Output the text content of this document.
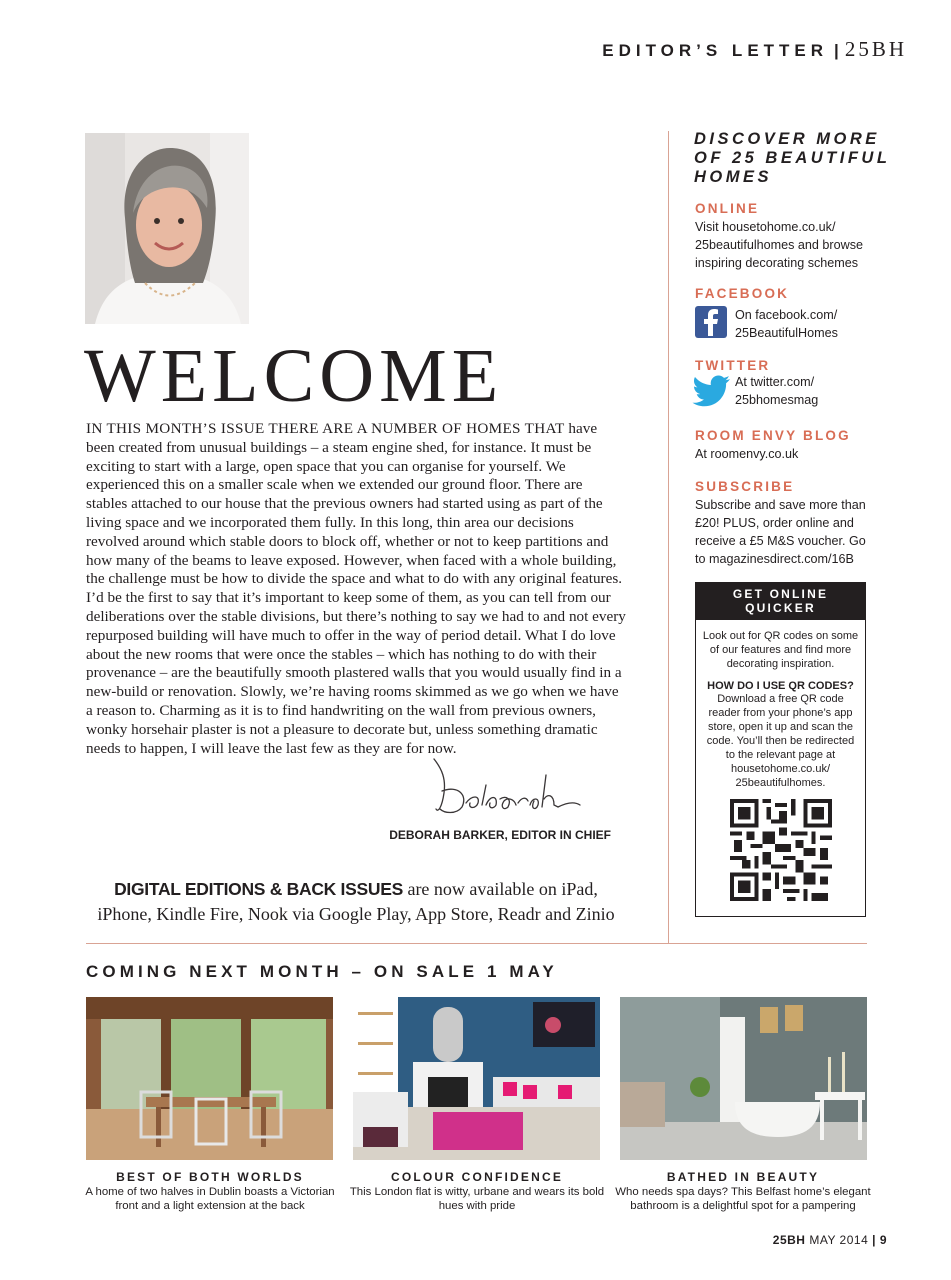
EDITOR’S LETTER | 25BH
WELCOME
IN THIS MONTH’S ISSUE THERE ARE A NUMBER OF HOMES THAT have been created from unusual buildings – a steam engine shed, for instance. It must be exciting to start with a large, open space that you can organise for yourself. We experienced this on a smaller scale when we extended our ground floor. There are stables attached to our house that the previous owners had started using as part of the living space and we incorporated them fully. In this long, thin area our decisions revolved around which stable doors to block off, whether or not to keep partitions and how many of the beams to leave exposed. However, when faced with a whole building, the challenge must be how to divide the space and what to do with any original features. I’d be the first to say that it’s important to keep some of them, as you can tell from our deliberations over the stable divisions, but there’s nothing to say we had to and not every repurposed building will have much to offer in the way of period detail. What I do love about the new rooms that were once the stables – which has nothing to do with their provenance – are the beautifully smooth plastered walls that you would usually find in a new-build or renovation. Slowly, we’re having rooms skimmed as we go when we have a reason to. Charming as it is to find handwriting on the wall from previous owners, wonky horsehair plaster is not a pleasure to decorate but, unless something dramatic needs to happen, I will leave the last few as they are for now.
DEBORAH BARKER, EDITOR IN CHIEF
DIGITAL EDITIONS & BACK ISSUES are now available on iPad, iPhone, Kindle Fire, Nook via Google Play, App Store, Readr and Zinio
DISCOVER MORE OF 25 BEAUTIFUL HOMES
ONLINE
Visit housetohome.co.uk/ 25beautifulhomes and browse inspiring decorating schemes
FACEBOOK
On facebook.com/ 25BeautifulHomes
TWITTER
At twitter.com/ 25bhomesmag
ROOM ENVY BLOG
At roomenvy.co.uk
SUBSCRIBE
Subscribe and save more than £20! PLUS, order online and receive a £5 M&S voucher. Go to magazinesdirect.com/16B
GET ONLINE QUICKER
Look out for QR codes on some of our features and find more decorating inspiration.
HOW DO I USE QR CODES?
Download a free QR code reader from your phone’s app store, open it up and scan the code. You’ll then be redirected to the relevant page at housetohome.co.uk/ 25beautifulhomes.
COMING NEXT MONTH – ON SALE 1 MAY
BEST OF BOTH WORLDS
A home of two halves in Dublin boasts a Victorian front and a light extension at the back
COLOUR CONFIDENCE
This London flat is witty, urbane and wears its bold hues with pride
BATHED IN BEAUTY
Who needs spa days? This Belfast home’s elegant bathroom is a delightful spot for a pampering
25BH MAY 2014 | 9
